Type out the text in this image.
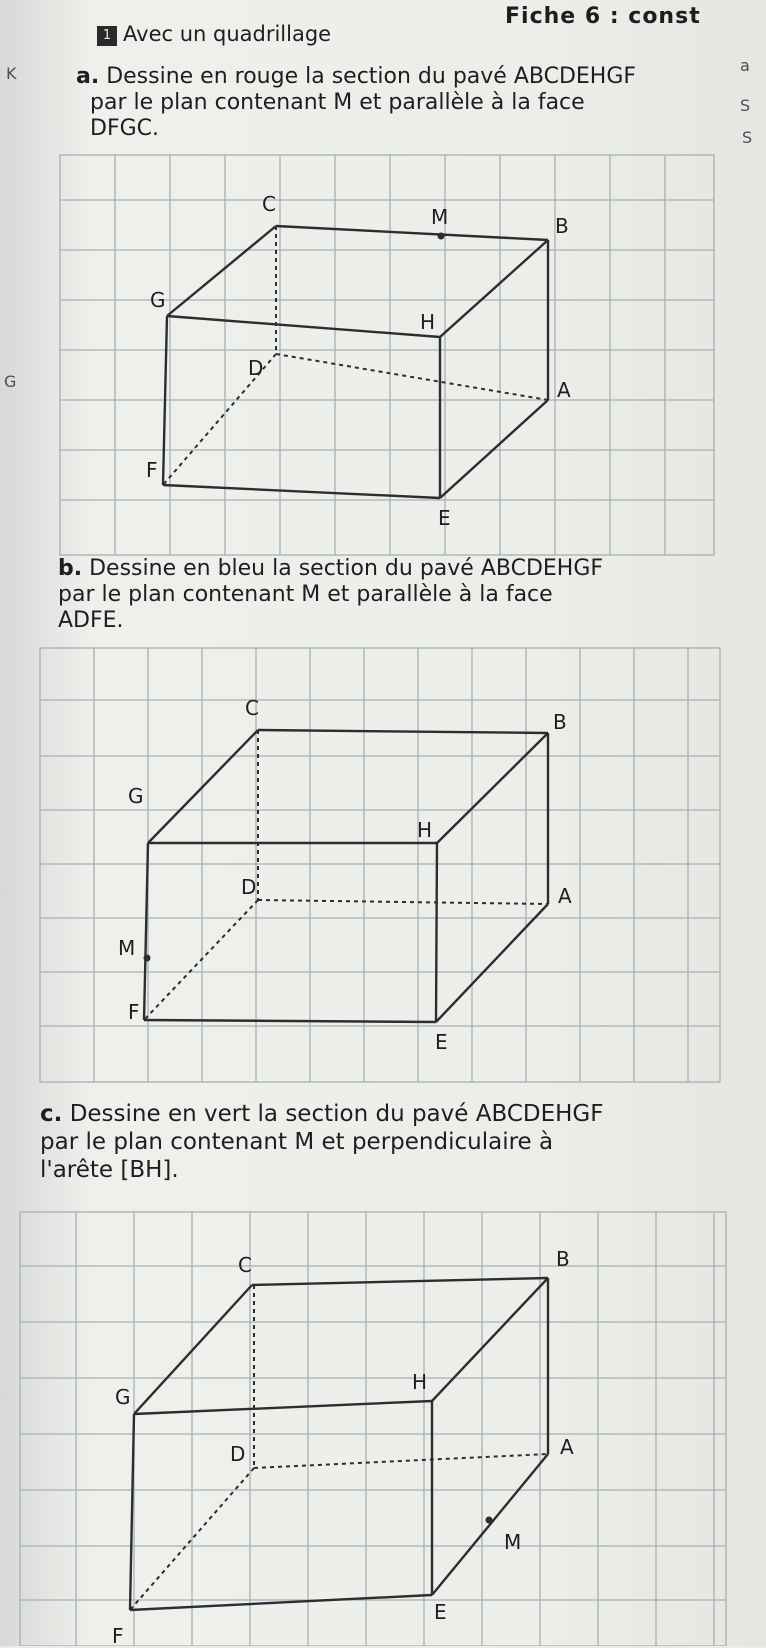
Fiche 6 : const
1 Avec un quadrillage
K
G
a
S
S
a. Dessine en rouge la section du pavé ABCDEHGF
par le plan contenant M et parallèle à la face
DFGC.
b. Dessine en bleu la section du pavé ABCDEHGF
par le plan contenant M et parallèle à la face
ADFE.
c. Dessine en vert la section du pavé ABCDEHGF
par le plan contenant M et perpendiculaire à
l'arête [BH].
C
M	B
G
H
D
A
F
E
C
B
G
H
D	A
M
F
E
C	B
G
H
D	A
M
F
E
